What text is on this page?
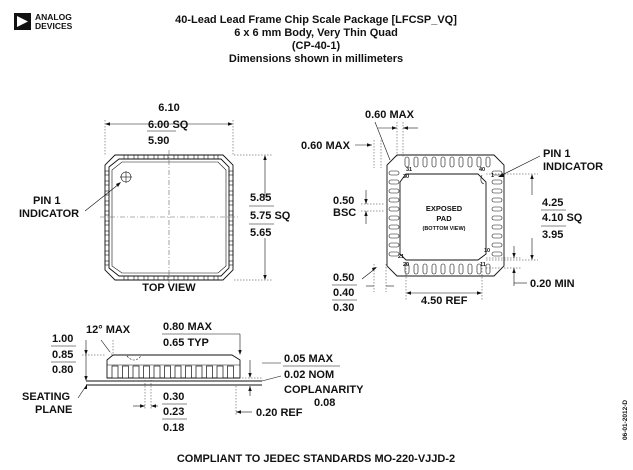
ANALOG
DEVICES	40-Lead Lead Frame Chip Scale Package [LFCSP_VQ]
6 x 6 mm Body, Very Thin Quad
(CP-40-1)
Dimensions shown in millimeters
6.10
6.00 SQ
5.90
5.85
5.75 SQ
5.65
PIN 1
INDICATOR
TOP VIEW
EXPOSED
PAD
(BOTTOM VIEW)
30
31	40
1
10
11
21
20
0.60 MAX
0.60 MAX
0.50
BSC
PIN 1
INDICATOR
4.25
4.10 SQ
3.95
0.50
0.40
0.30
4.50 REF
0.20 MIN
1.00
0.85
0.80
12° MAX	0.80 MAX
0.65 TYP
0.05 MAX
0.02 NOM
COPLANARITY
0.08
SEATING
PLANE
0.30
0.23
0.18
0.20 REF
COMPLIANT TO JEDEC STANDARDS MO-220-VJJD-2
06-01-2012-D
